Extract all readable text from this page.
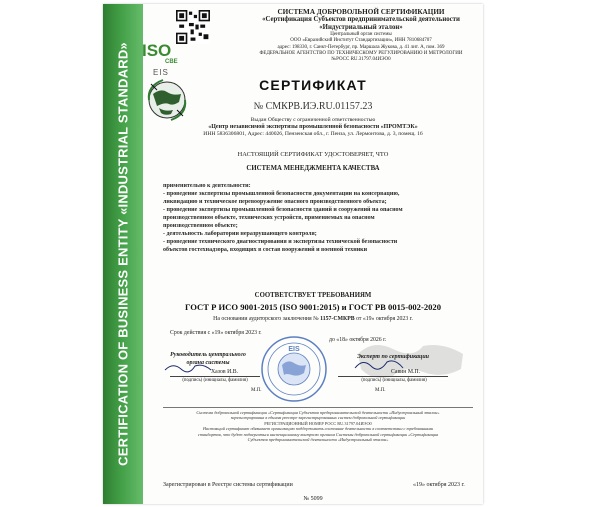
CERTIFICATION OF BUSINESS ENTITY «INDUSTRIAL STANDARD» ISO
CBE
EIS
СИСТЕМА ДОБРОВОЛЬНОЙ СЕРТИФИКАЦИИ
«Сертификация Субъектов предпринимательской деятельности
«Индустриальный эталон»
Центральный орган системы
ООО «Евразийский Институт Стандартизации», ИНН 7810684707
адрес: 198330, г. Санкт-Петербург, пр. Маршала Жукова, д. 41 лит. А, пом. 369
ФЕДЕРАЛЬНОЕ АГЕНТСТВО ПО ТЕХНИЧЕСКОМУ РЕГУЛИРОВАНИЮ И МЕТРОЛОГИИ
№РОСС RU.31797.04ИЭО0
СЕРТИФИКАТ
№ СМКРВ.ИЭ.RU.01157.23
Выдан Обществу с ограниченной ответственностью
«Центр независимой экспертизы промышленной безопасности «ПРОМТЭК»
ИНН 5836306801, Адрес: 440026, Пензенская обл., г. Пенза, ул. Лермонтова, д. 3, помещ. 16
НАСТОЯЩИЙ СЕРТИФИКАТ УДОСТОВЕРЯЕТ, ЧТО
СИСТЕМА МЕНЕДЖМЕНТА КАЧЕСТВА
применительно к деятельности:
- проведение экспертизы промышленной безопасности документации на консервацию,
ликвидацию и техническое перевооружение опасного производственного объекта;
- проведение экспертизы промышленной безопасности зданий и сооружений на опасном
производственном объекте, технических устройств, применяемых на опасном
производственном объекте;
- деятельность лаборатории неразрушающего контроля;
- проведение технического диагностирования и экспертизы технической безопасности
объектов гостехнадзора, входящих в состав вооружений и военной техники
СООТВЕТСТВУЕТ ТРЕБОВАНИЯМ
ГОСТ Р ИСО 9001-2015 (ISO 9001:2015) и ГОСТ РВ 0015-002-2020
На основании аудиторского заключения № 1157-СМКРВ от «19» октября 2023 г.
Срок действия с «19» октября 2023 г.
до «18» октября 2026 г.
EIS
Руководитель центрального
органа системы
Эксперт по сертификации
Хазов И.В.	Савин М.П.
(подпись) (инициалы, фамилия)	(подпись) (инициалы, фамилия)
М.П.	М.П.
Система добровольной сертификации «Сертификация Субъектов предпринимательской деятельности «Индустриальный эталон»
зарегистрирована в едином реестре зарегистрированных систем добровольной сертификации
РЕГИСТРАЦИОННЫЙ НОМЕР РОСС RU.31797.04ИЭО0
Настоящий сертификат обязывает организацию поддерживать состояние деятельности в соответствии с требованиями
стандартов, что будет подвергаться инспекционному контролю органом Системы добровольной сертификации «Сертификация
Субъектов предпринимательской деятельности «Индустриальный эталон»
Зарегистрирован в Реестре системы сертификации	«19» октября 2023 г.
№ 5099
